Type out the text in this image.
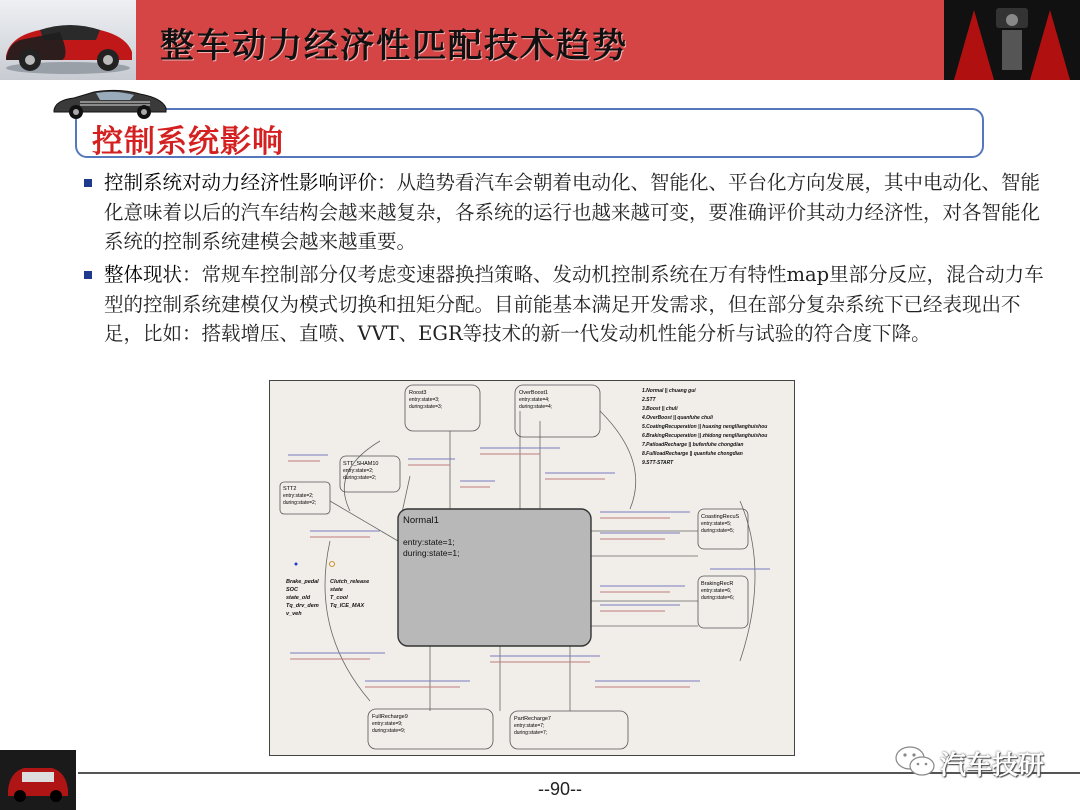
整车动力经济性匹配技术趋势
控制系统影响
控制系统对动力经济性影响评价：从趋势看汽车会朝着电动化、智能化、平台化方向发展，其中电动化、智能化意味着以后的汽车结构会越来越复杂，各系统的运行也越来越可变，要准确评价其动力经济性，对各智能化系统的控制系统建模会越来越重要。
整体现状：常规车控制部分仅考虑变速器换挡策略、发动机控制系统在万有特性map里部分反应，混合动力车型的控制系统建模仅为模式切换和扭矩分配。目前能基本满足开发需求，但在部分复杂系统下已经表现出不足，比如：搭载增压、直喷、VVT、EGR等技术的新一代发动机性能分析与试验的符合度下降。
Normal1
entry:state=1;
during:state=1;
Roost3
entry:state=3;
during:state=3;
OverBoost1
entry:state=4;
during:state=4;
STT_SHAM10
entry:state=2;
during:state=2;
STT2
entry:state=2;
during:state=2;
CoastingRecuS
entry:state=5;
during:state=5;
BrakingRecR
entry:state=6;
during:state=6;
FullRecharge9
entry:state=9;
during:state=9;
PartRecharge7
entry:state=7;
during:state=7;
1.Normal || chuang gui
2.STT
3.Boost || chuli
4.OverBoost || quanfuhe chuli
5.CoatingRecuperation || huaxing nengllianghuishou
6.BrakingRecuperation || zhidong nengllianghuishou
7.PatloadRecharge || bufenfuhe chongdian
8.FullloadRecharge || quanfuhe chongdian
9.STT-START
Brake_pedal
SOC
state_old
Tq_drv_dem
v_veh
Clutch_release
state
T_cool
Tq_ICE_MAX
--90--
汽车技研
